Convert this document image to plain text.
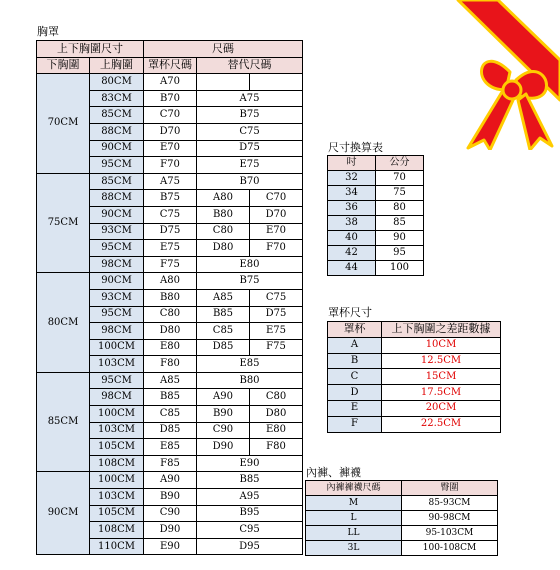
胸罩
上下胸圍尺寸		尺碼		
下胸圍	上胸圍	罩杯尺碼	替代尺碼	
70CM	80CM	A70		
	83CM	B70	A75	
	85CM	C70	B75	
	88CM	D70	C75	
	90CM	E70	D75	
	95CM	F70	E75	
75CM	85CM	A75	B70	
	88CM	B75	A80	C70
	90CM	C75	B80	D70
	93CM	D75	C80	E70
	95CM	E75	D80	F70
	98CM	F75	E80	
80CM	90CM	A80	B75	
	93CM	B80	A85	C75
	95CM	C80	B85	D75
	98CM	D80	C85	E75
	100CM	E80	D85	F75
	103CM	F80	E85	
85CM	95CM	A85	B80	
	98CM	B85	A90	C80
	100CM	C85	B90	D80
	103CM	D85	C90	E80
	105CM	E85	D90	F80
	108CM	F85	E90	
90CM	100CM	A90	B85	
	103CM	B90	A95	
	105CM	C90	B95	
	108CM	D90	C95	
	110CM	E90	D95	
尺寸換算表
吋	公分
32	70
34	75
36	80
38	85
40	90
42	95
44	100
罩杯尺寸
罩杯	上下胸圍之差距數據
A	10CM
B	12.5CM
C	15CM
D	17.5CM
E	20CM
F	22.5CM
內褲、褲襪
內褲褲襪尺碼	臀圍
M	85-93CM
L	90-98CM
LL	95-103CM
3L	100-108CM
